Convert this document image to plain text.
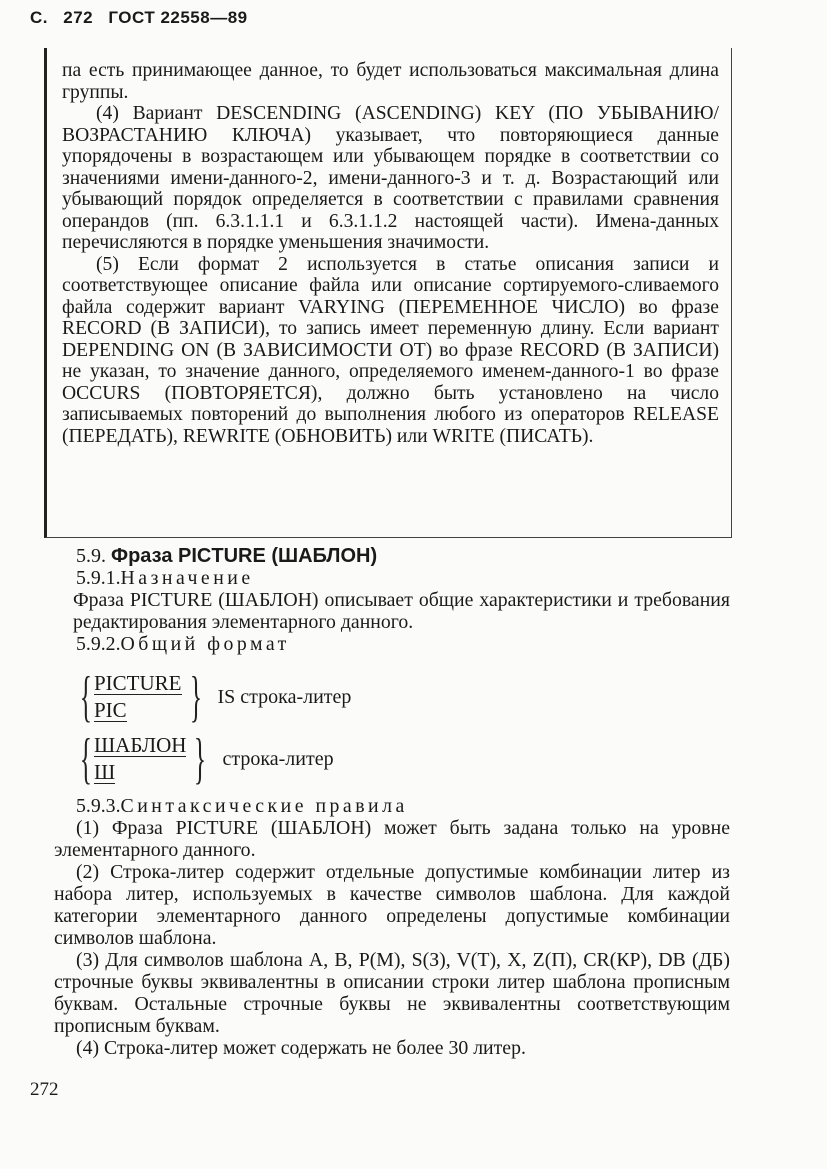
С. 272 ГОСТ 22558—89

па есть принимающее данное, то будет использоваться максимальная длина группы.

(4) Вариант DESCENDING (ASCENDING) KEY (ПО УБЫВАНИЮ/ВОЗРАСТАНИЮ КЛЮЧА) указывает, что повторяющиеся данные упорядочены в возрастающем или убывающем порядке в соответствии со значениями имени-данного-2, имени-данного-3 и т. д. Возрастающий или убывающий порядок определяется в соответствии с правилами сравнения операндов (пп. 6.3.1.1.1 и 6.3.1.1.2 настоящей части). Имена-данных перечисляются в порядке уменьшения значимости.

(5) Если формат 2 используется в статье описания записи и соответствующее описание файла или описание сортируемого-сливаемого файла содержит вариант VARYING (ПЕРЕМЕННОЕ ЧИСЛО) во фразе RECORD (В ЗАПИСИ), то запись имеет переменную длину. Если вариант DEPENDING ON (В ЗАВИСИМОСТИ ОТ) во фразе RECORD (В ЗАПИСИ) не указан, то значение данного, определяемого именем-данного-1 во фразе OCCURS (ПОВТОРЯЕТСЯ), должно быть установлено на число записываемых повторений до выполнения любого из операторов RELEASE (ПЕРЕДАТЬ), REWRITE (ОБНОВИТЬ) или WRITE (ПИСАТЬ).

5.9. Фраза PICTURE (ШАБЛОН)

5.9.1.Назначение

Фраза PICTURE (ШАБЛОН) описывает общие характеристики и требования редактирования элементарного данного.

5.9.2.Общий формат

{ PICTURE
PIC	} IS строка-литер
{ ШАБЛОН
Ш	} строка-литер

5.9.3.Синтаксические правила

(1) Фраза PICTURE (ШАБЛОН) может быть задана только на уровне элементарного данного.

(2) Строка-литер содержит отдельные допустимые комбинации литер из набора литер, используемых в качестве символов шаблона. Для каждой категории элементарного данного определены допустимые комбинации символов шаблона.

(3) Для символов шаблона A, B, P(M), S(З), V(T), X, Z(П), CR(КР), DB (ДБ) строчные буквы эквивалентны в описании строки литер шаблона прописным буквам. Остальные строчные буквы не эквивалентны соответствующим прописным буквам.

(4) Строка-литер может содержать не более 30 литер.

272
